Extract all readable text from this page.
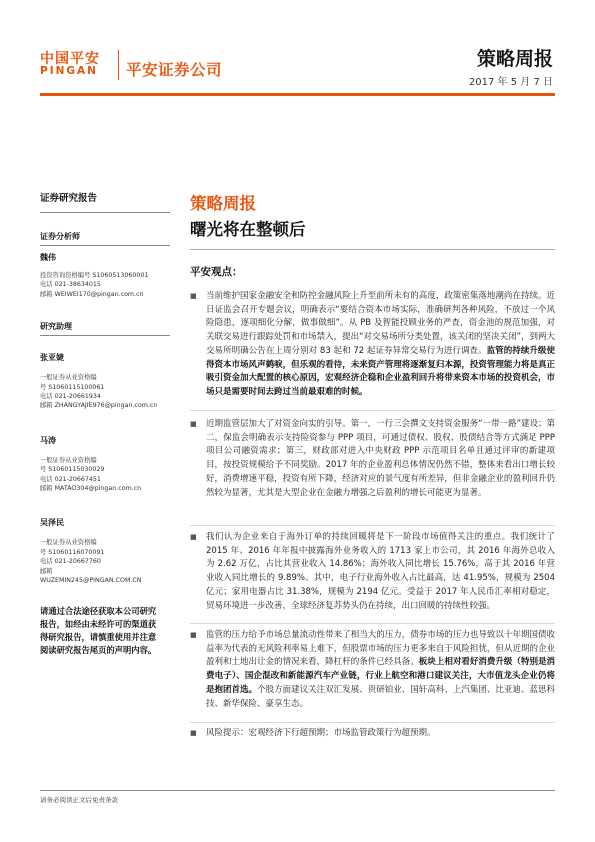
中国平安
PINGAN 平安证券公司	策略周报
2017 年 5 月 7 日
证券研究报告
证券分析师
魏伟
投资咨询资格编号 S1060513060001
电话 021-38634015
邮箱 WEIWEI170@pingan.com.cn
研究助理
张亚婕
一般证券从业资格编
号 S1060115100061
电话 021-20661934
邮箱 ZHANGYAJIE976@pingan.com.cn
马涛
一般证券从业资格编
号 S1060115030029
电话 021-20667451
邮箱 MATAO304@pingan.com.cn
吴泽民
一般证券从业资格编
号 S1060116070091
电话 021-20667760
邮箱
WUZEMIN245@PINGAN.COM.CN
请通过合法途径获取本公司研究
报告，如经由未经许可的渠道获
得研究报告，请慎重使用并注意
阅读研究报告尾页的声明内容。
策略周报
曙光将在整顿后
平安观点：
■	当前维护国家金融安全和防控金融风险上升至前所未有的高度，政策密集落地潮尚在持续。近日证监会召开专题会议，明确表示“要结合资本市场实际，准确研判各种风险，不放过一个风险隐患，逐项细化分解，做事做细”。从 PB 及智能投顾业务的严查，资金池的规范加强，对关联交易进行跟踪处罚和市场禁入，提出“对交易场所分类处置，该关闭的坚决关闭”，到两大交易所明确公告在上周分别对 83 起和 72 起证券异常交易行为进行调查。监管的持续升级使得资本市场风声鹤唳，但乐观的看待，未来资产管理将逐渐复归本源，投资管理能力将是真正吸引资金加大配置的核心原因，宏观经济企稳和企业盈利回升将带来资本市场的投资机会，市场只是需要时间去跨过当前最艰难的时候。
■	近期监管层加大了对资金向实的引导。第一，一行三会撰文支持资金服务“一带一路”建设；第二，保监会明确表示支持险资参与 PPP 项目，可通过债权、股权、股债结合等方式满足 PPP 项目公司融资需求；第三，财政部对进入中央财政 PPP 示范项目名单且通过评审的新建项目，按投资规模给予不同奖励。2017 年的企业盈利总体情况仍然不错，整体来看出口增长较好，消费增速平稳，投资有所下降，经济对应的景气度有所差异，但非金融企业的盈利回升仍然较为显著，尤其是大型企业在金融力增强之后盈利的增长可能更为显著。
■	我们认为企业来自于海外订单的持续回暖将是下一阶段市场值得关注的重点。我们统计了 2015 年、2016 年年报中披露海外业务收入的 1713 家上市公司，其 2016 年海外总收入为 2.62 万亿，占比其营业收入 14.86%；海外收入同比增长 15.76%，高于其 2016 年营业收入同比增长的 9.89%。其中，电子行业海外收入占比最高，达 41.95%，规模为 2504 亿元；家用电器占比 31.38%，规模为 2194 亿元。受益于 2017 年人民币汇率相对稳定，贸易环境进一步改善，全球经济复苏势头仍在持续，出口回暖的持续性较强。
■	监管的压力给予市场总量流动性带来了相当大的压力，债券市场的压力也导致以十年期国债收益率为代表的无风险利率易上难下，但股票市场的压力更多来自于风险担忧，但从近期的企业盈利和土地出让金的情况来看，降杠杆的条件已经具备。板块上相对看好消费升级（特别是消费电子）、国企混改和新能源汽车产业链，行业上航空和港口建议关注，大市值龙头企业仍将是抱团首选。个股方面建议关注双汇发展、贵研铂业、国轩高科、上汽集团、比亚迪、蓝思科技、新华保险、豪享生态。
■	风险提示：宏观经济下行超预期；市场监管政策行为超预期。
请务必阅读正文后免责条款
